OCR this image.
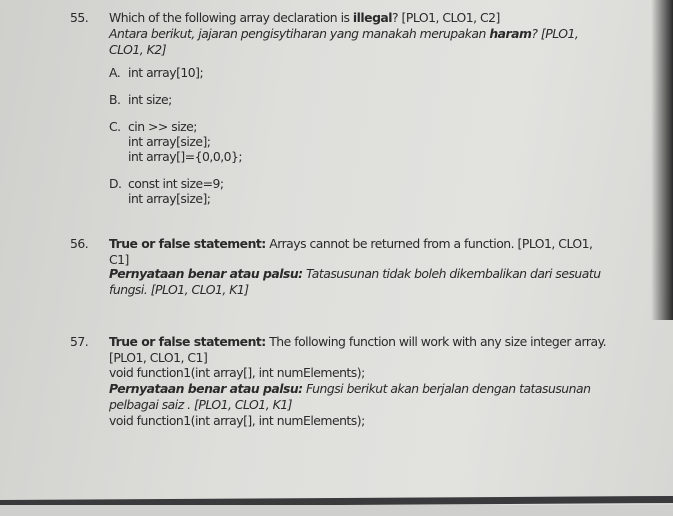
55. Which of the following array declaration is illegal? [PLO1, CLO1, C2]
Antara berikut, jajaran pengisytiharan yang manakah merupakan haram? [PLO1,
CLO1, K2]
A. int array[10];
B. int size;
C. cin >> size;
int array[size];
int array[]={0,0,0};
D. const int size=9;
int array[size];
56. True or false statement: Arrays cannot be returned from a function. [PLO1, CLO1,
C1]
Pernyataan benar atau palsu: Tatasusunan tidak boleh dikembalikan dari sesuatu
fungsi. [PLO1, CLO1, K1]
57. True or false statement: The following function will work with any size integer array.
[PLO1, CLO1, C1]
void function1(int array[], int numElements);
Pernyataan benar atau palsu: Fungsi berikut akan berjalan dengan tatasusunan
pelbagai saiz . [PLO1, CLO1, K1]
void function1(int array[], int numElements);
